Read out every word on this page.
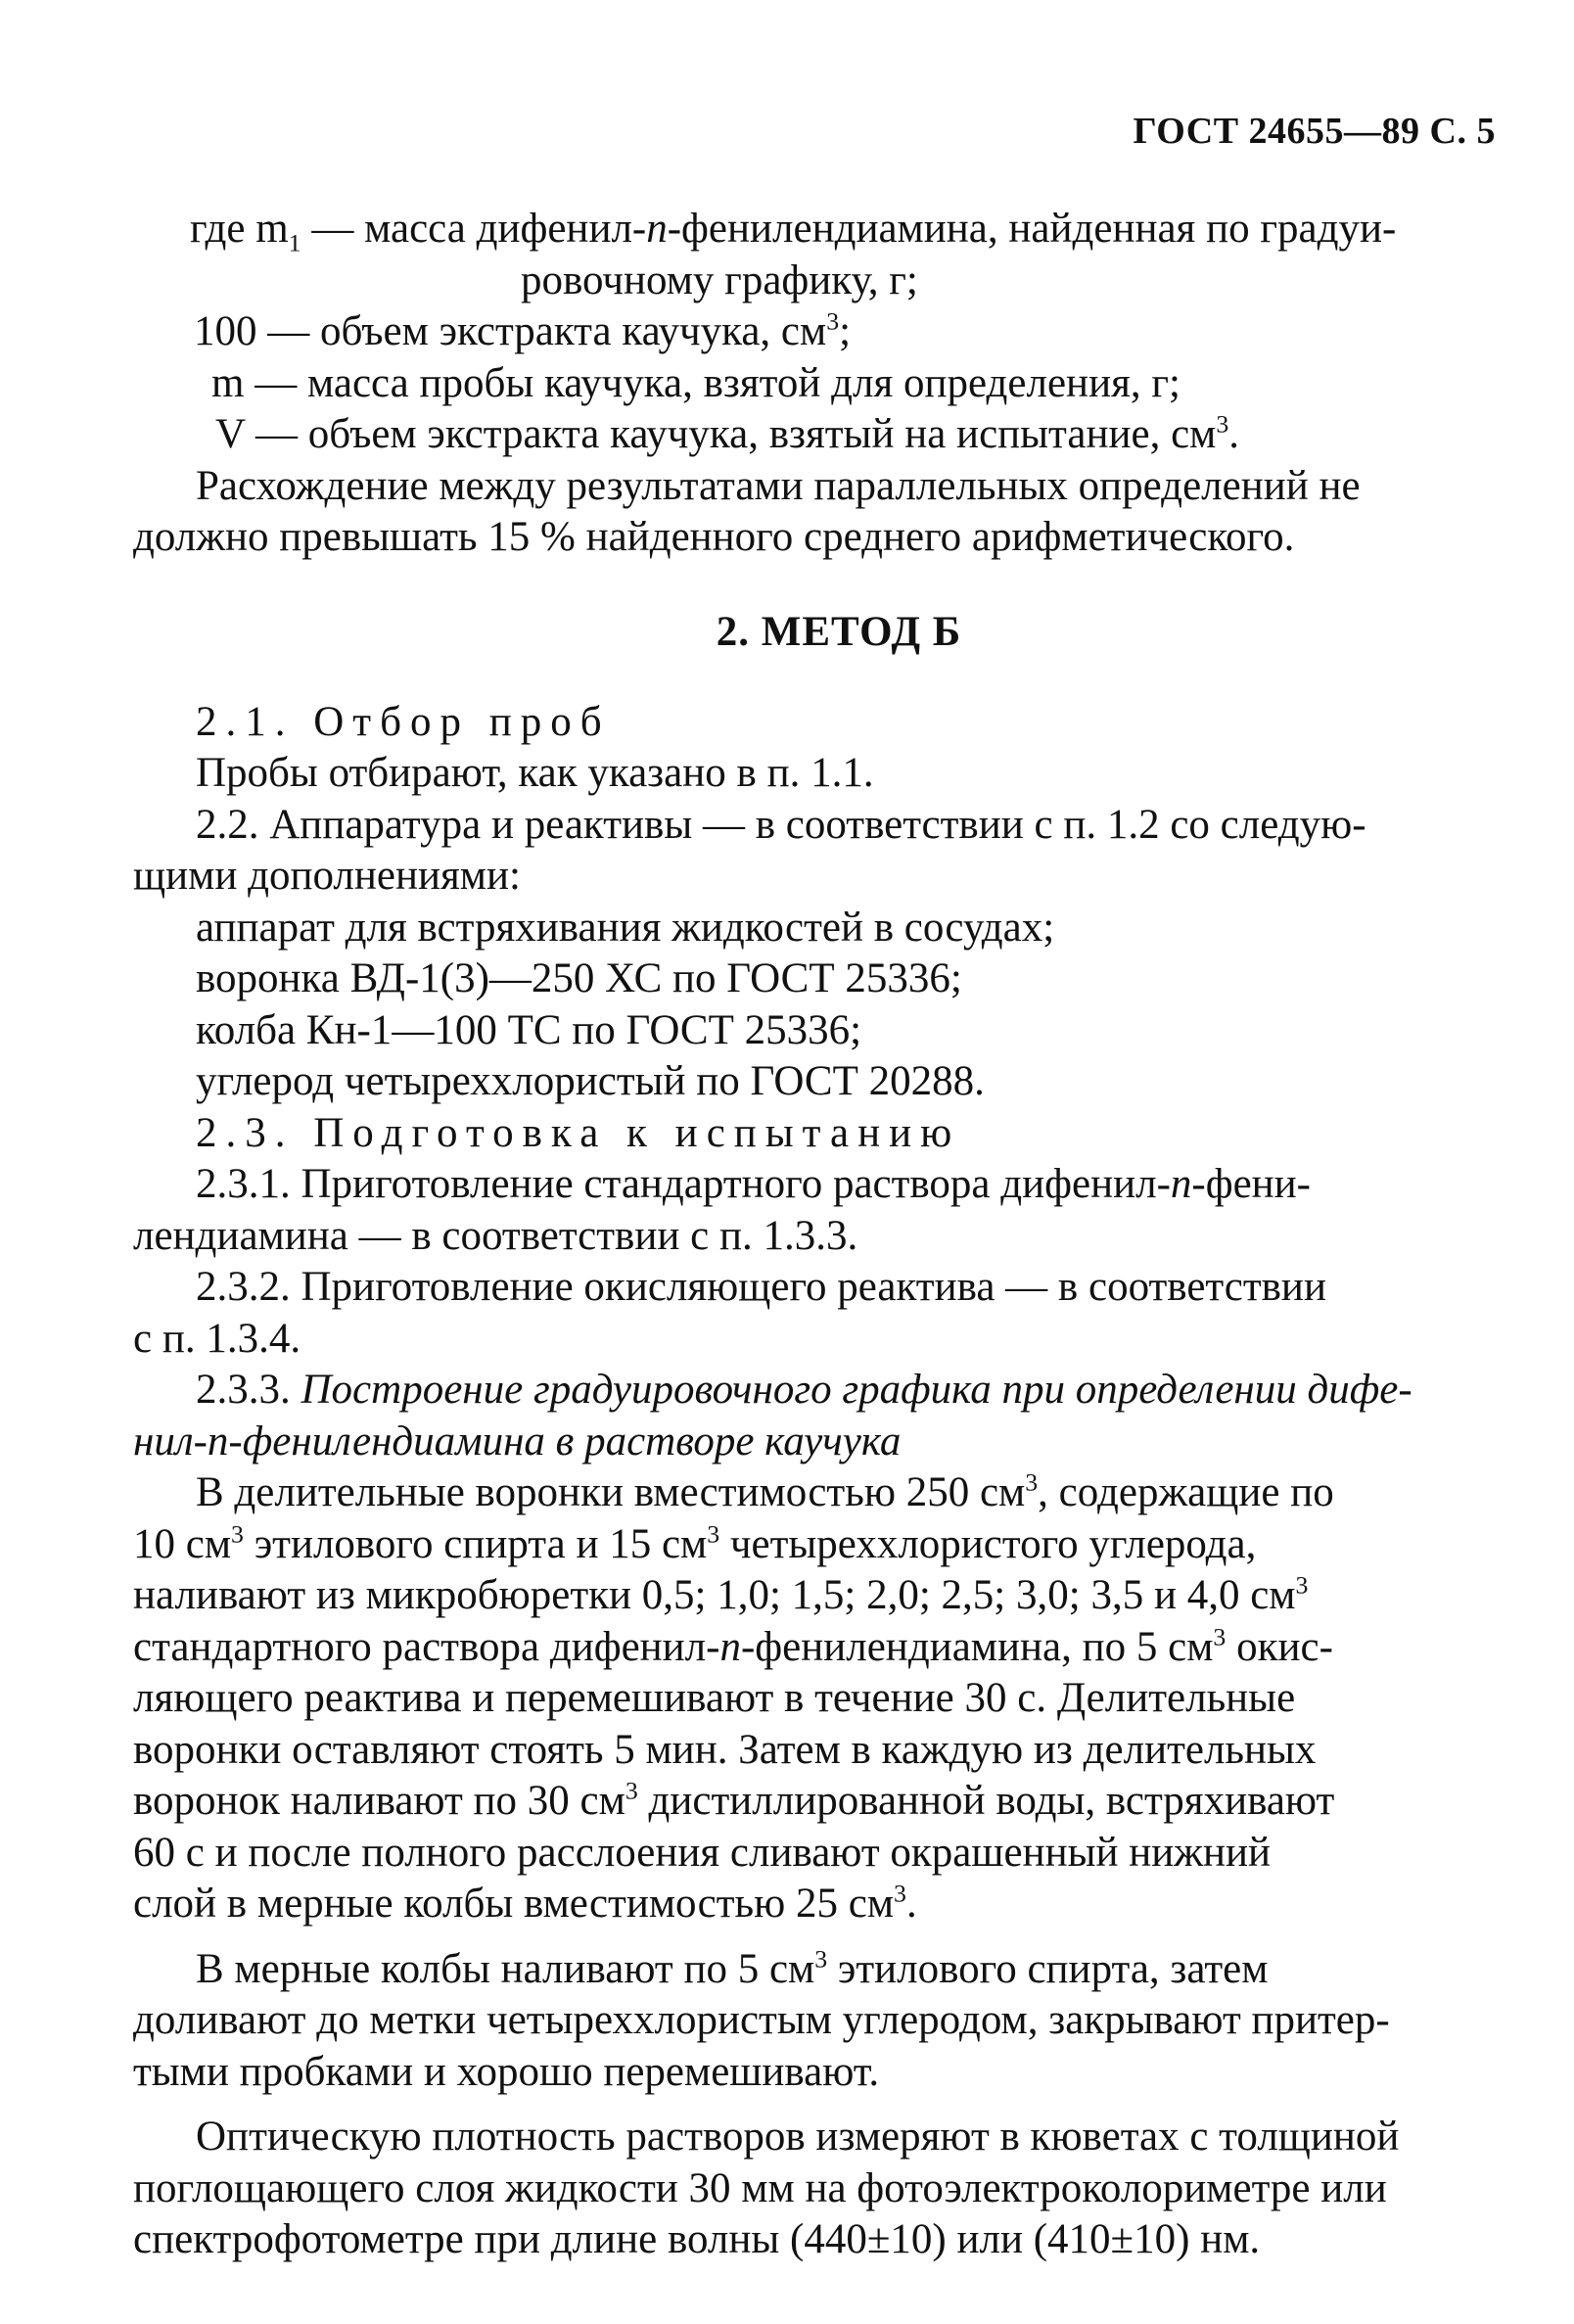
ГОСТ 24655—89 С. 5
где $m_1$ — масса дифенил-n-фенилендиамина, найденная по градуи-
ровочному графику, г;
100 — объем экстракта каучука, $см^3$;
m — масса пробы каучука, взятой для определения, г;
V — объем экстракта каучука, взятый на испытание, $см^3$.
Расхождение между результатами параллельных определений не
должно превышать 15 % найденного среднего арифметического.
2. МЕТОД Б
2.1. Отбор проб
Пробы отбирают, как указано в п. 1.1.
2.2. Аппаратура и реактивы — в соответствии с п. 1.2 со следую-
щими дополнениями:
аппарат для встряхивания жидкостей в сосудах;
воронка ВД-1(3)—250 ХС по ГОСТ 25336;
колба Кн-1—100 ТС по ГОСТ 25336;
углерод четыреххлористый по ГОСТ 20288.
2.3. Подготовка к испытанию
2.3.1. Приготовление стандартного раствора дифенил-n-фени-
лендиамина — в соответствии с п. 1.3.3.
2.3.2. Приготовление окисляющего реактива — в соответствии
с п. 1.3.4.
2.3.3. Построение градуировочного графика при определении дифе-
нил-n-фенилендиамина в растворе каучука
В делительные воронки вместимостью 250 $см^3$, содержащие по
10 $см^3$ этилового спирта и 15 $см^3$ четыреххлористого углерода,
наливают из микробюретки 0,5; 1,0; 1,5; 2,0; 2,5; 3,0; 3,5 и 4,0 $см^3$
стандартного раствора дифенил-n-фенилендиамина, по 5 $см^3$ окис-
ляющего реактива и перемешивают в течение 30 с. Делительные
воронки оставляют стоять 5 мин. Затем в каждую из делительных
воронок наливают по 30 $см^3$ дистиллированной воды, встряхивают
60 с и после полного расслоения сливают окрашенный нижний
слой в мерные колбы вместимостью 25 $см^3$.
В мерные колбы наливают по 5 $см^3$ этилового спирта, затем
доливают до метки четыреххлористым углеродом, закрывают притер-
тыми пробками и хорошо перемешивают.
Оптическую плотность растворов измеряют в кюветах с толщиной
поглощающего слоя жидкости 30 мм на фотоэлектроколориметре или
спектрофотометре при длине волны (440±10) или (410±10) нм.
